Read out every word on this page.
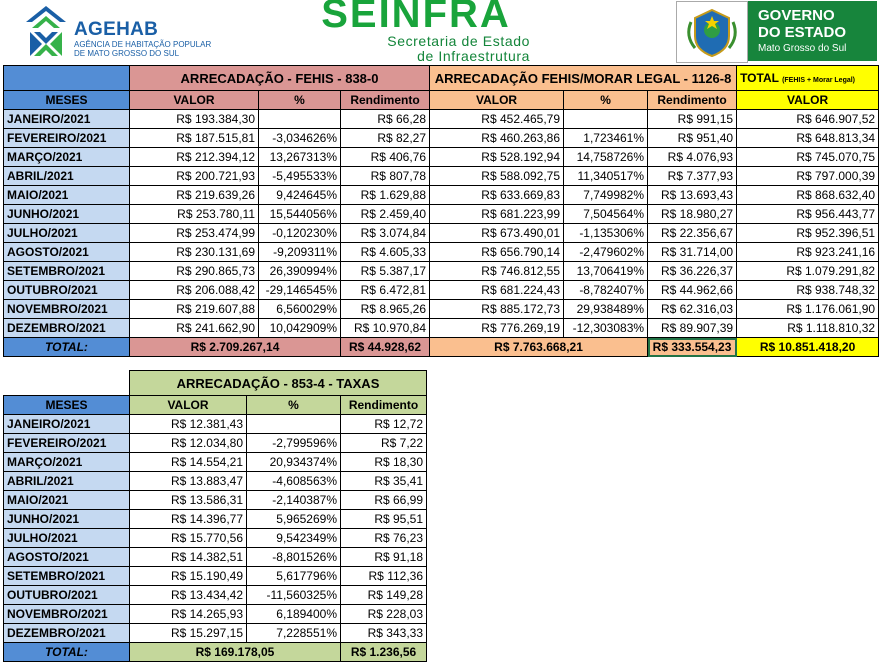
AGEHAB
AGÊNCIA DE HABITAÇÃO POPULAR
DE MATO GROSSO DO SUL
SEINFRA
Secretaria de Estado
de Infraestrutura
GOVERNO
DO ESTADO
Mato Grosso do Sul
	ARRECADAÇÃO - FEHIS - 838-0			ARRECADAÇÃO FEHIS/MORAR LEGAL - 1126-8			TOTAL (FEHIS + Morar Legal)
MESES	VALOR	%	Rendimento	VALOR	%	Rendimento	VALOR
JANEIRO/2021	R$ 193.384,30		R$ 66,28	R$ 452.465,79		R$ 991,15	R$ 646.907,52
FEVEREIRO/2021	R$ 187.515,81	-3,034626%	R$ 82,27	R$ 460.263,86	1,723461%	R$ 951,40	R$ 648.813,34
MARÇO/2021	R$ 212.394,12	13,267313%	R$ 406,76	R$ 528.192,94	14,758726%	R$ 4.076,93	R$ 745.070,75
ABRIL/2021	R$ 200.721,93	-5,495533%	R$ 807,78	R$ 588.092,75	11,340517%	R$ 7.377,93	R$ 797.000,39
MAIO/2021	R$ 219.639,26	9,424645%	R$ 1.629,88	R$ 633.669,83	7,749982%	R$ 13.693,43	R$ 868.632,40
JUNHO/2021	R$ 253.780,11	15,544056%	R$ 2.459,40	R$ 681.223,99	7,504564%	R$ 18.980,27	R$ 956.443,77
JULHO/2021	R$ 253.474,99	-0,120230%	R$ 3.074,84	R$ 673.490,01	-1,135306%	R$ 22.356,67	R$ 952.396,51
AGOSTO/2021	R$ 230.131,69	-9,209311%	R$ 4.605,33	R$ 656.790,14	-2,479602%	R$ 31.714,00	R$ 923.241,16
SETEMBRO/2021	R$ 290.865,73	26,390994%	R$ 5.387,17	R$ 746.812,55	13,706419%	R$ 36.226,37	R$ 1.079.291,82
OUTUBRO/2021	R$ 206.088,42	-29,146545%	R$ 6.472,81	R$ 681.224,43	-8,782407%	R$ 44.962,66	R$ 938.748,32
NOVEMBRO/2021	R$ 219.607,88	6,560029%	R$ 8.965,26	R$ 885.172,73	29,938489%	R$ 62.316,03	R$ 1.176.061,90
DEZEMBRO/2021	R$ 241.662,90	10,042909%	R$ 10.970,84	R$ 776.269,19	-12,303083%	R$ 89.907,39	R$ 1.118.810,32
TOTAL:	R$ 2.709.267,14		R$ 44.928,62	R$ 7.763.668,21		R$ 333.554,23	R$ 10.851.418,20
	ARRECADAÇÃO - 853-4 - TAXAS		
MESES	VALOR	%	Rendimento
JANEIRO/2021	R$ 12.381,43		R$ 12,72
FEVEREIRO/2021	R$ 12.034,80	-2,799596%	R$ 7,22
MARÇO/2021	R$ 14.554,21	20,934374%	R$ 18,30
ABRIL/2021	R$ 13.883,47	-4,608563%	R$ 35,41
MAIO/2021	R$ 13.586,31	-2,140387%	R$ 66,99
JUNHO/2021	R$ 14.396,77	5,965269%	R$ 95,51
JULHO/2021	R$ 15.770,56	9,542349%	R$ 76,23
AGOSTO/2021	R$ 14.382,51	-8,801526%	R$ 91,18
SETEMBRO/2021	R$ 15.190,49	5,617796%	R$ 112,36
OUTUBRO/2021	R$ 13.434,42	-11,560325%	R$ 149,28
NOVEMBRO/2021	R$ 14.265,93	6,189400%	R$ 228,03
DEZEMBRO/2021	R$ 15.297,15	7,228551%	R$ 343,33
TOTAL:	R$ 169.178,05		R$ 1.236,56
